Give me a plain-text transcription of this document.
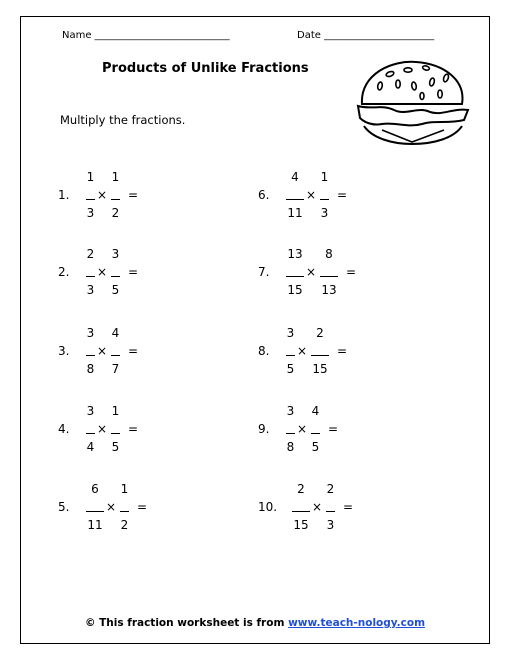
Name ___________________________	Date ______________________
Products of Unlike Fractions
Multiply the fractions.
1.
1
3
×
1
2
=
2.
2
3
×
3
5
=
3.
3
8
×
4
7
=
4.
3
4
×
1
5
=
5.
6
11
×
1
2
=
6.
4
11
×
1
3
=
7.
13
15
×
8
13
=
8.
3
5
×
2
15
=
9.
3
8
×
4
5
=
10.
2
15
×
2
3
=
© This fraction worksheet is from www.teach-nology.com
